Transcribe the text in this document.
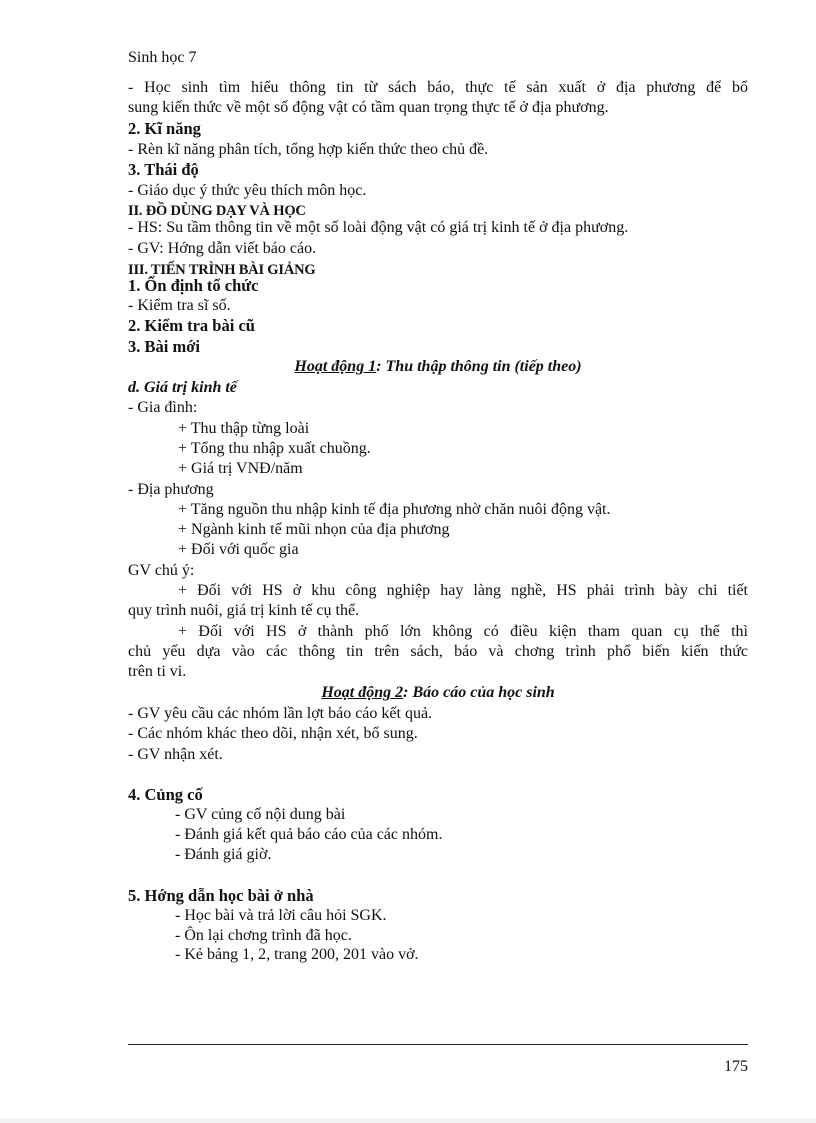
Sinh học 7
- Học sinh tìm hiểu thông tin từ sách báo, thực tế sản xuất ở địa phương để bổ
sung kiến thức về một số động vật có tầm quan trọng thực tế ở địa phương.
2. Kĩ năng
- Rèn kĩ năng phân tích, tổng hợp kiến thức theo chủ đề.
3. Thái độ
- Giáo dục ý thức yêu thích môn học.
II. ĐỒ DÙNG DẠY VÀ HỌC
- HS: Su tầm thông tin về một số loài động vật có giá trị kinh tế ở địa phương.
- GV: Hớng dẫn viết báo cáo.
III. TIẾN TRÌNH BÀI GIẢNG
1. Ổn định tổ chức
- Kiểm tra sĩ số.
2. Kiểm tra bài cũ
3. Bài mới
Hoạt động 1: Thu thập thông tin (tiếp theo)
d. Giá trị kinh tế
- Gia đình:
+ Thu thập từng loài
+ Tổng thu nhập xuất chuồng.
+ Giá trị VNĐ/năm
- Địa phương
+ Tăng nguồn thu nhập kinh tế địa phương nhờ chăn nuôi động vật.
+ Ngành kinh tế mũi nhọn của địa phương
+ Đối với quốc gia
GV chú ý:
+ Đối với HS ở khu công nghiệp hay làng nghề, HS phải trình bày chi tiết
quy trình nuôi, giá trị kinh tế cụ thể.
+ Đối với HS ở thành phố lớn không có điều kiện tham quan cụ thể thì
chủ yếu dựa vào các thông tin trên sách, báo và chơng trình phổ biến kiến thức
trên ti vi.
Hoạt động 2: Báo cáo của học sinh
- GV yêu cầu các nhóm lần lợt báo cáo kết quả.
- Các nhóm khác theo dõi, nhận xét, bổ sung.
- GV nhận xét.
4. Củng cố
- GV củng cố nội dung bài
- Đánh giá kết quả báo cáo của các nhóm.
- Đánh giá giờ.
5. Hớng dẫn học bài ở nhà
- Học bài và trả lời câu hỏi SGK.
- Ôn lại chơng trình đã học.
- Kẻ bảng 1, 2, trang 200, 201 vào vở.
175
